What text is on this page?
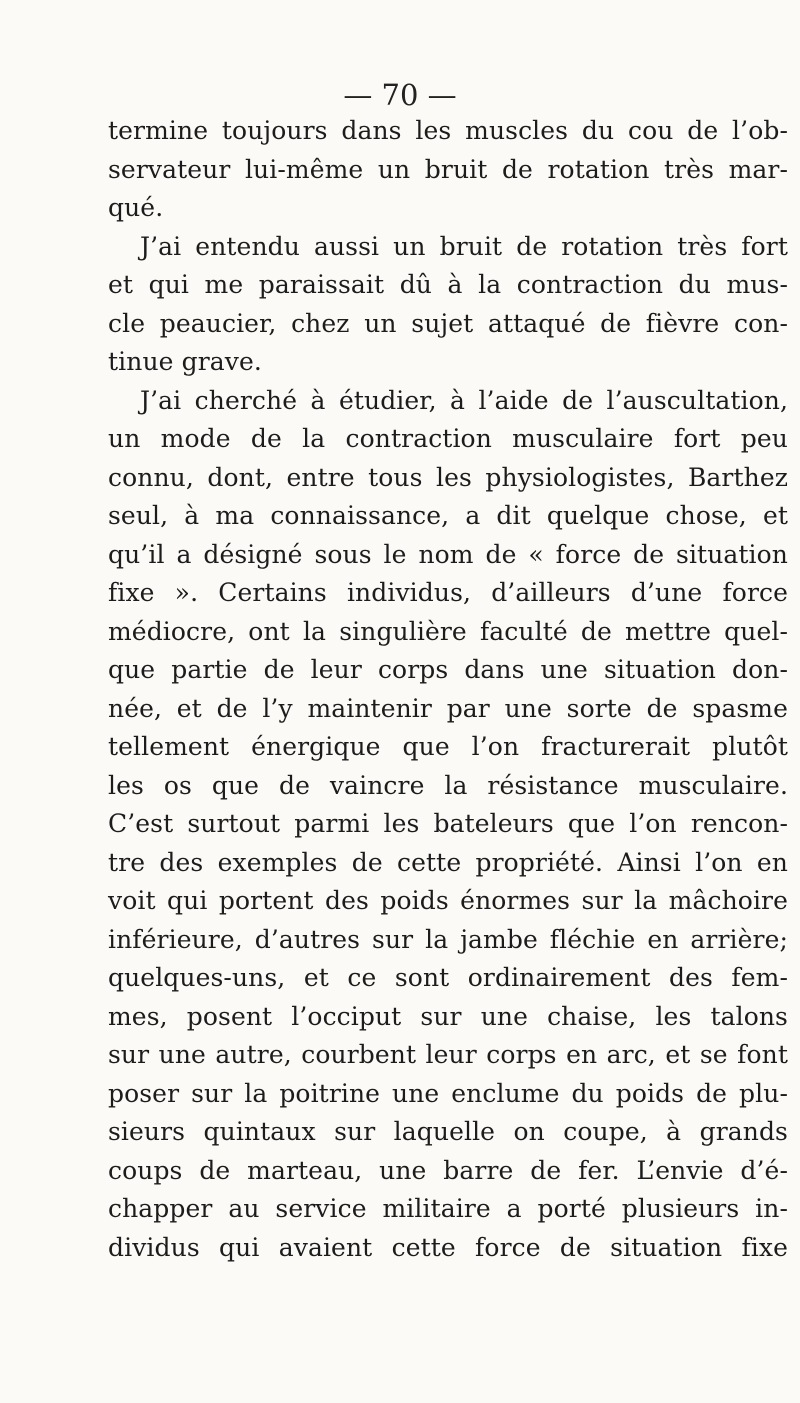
— 70 —
termine toujours dans les muscles du cou de l’ob-
servateur lui-même un bruit de rotation très mar-
qué.
J’ai entendu aussi un bruit de rotation très fort
et qui me paraissait dû à la contraction du mus-
cle peaucier, chez un sujet attaqué de fièvre con-
tinue grave.
J’ai cherché à étudier, à l’aide de l’auscultation,
un mode de la contraction musculaire fort peu
connu, dont, entre tous les physiologistes, Barthez
seul, à ma connaissance, a dit quelque chose, et
qu’il a désigné sous le nom de « force de situation
fixe ». Certains individus, d’ailleurs d’une force
médiocre, ont la singulière faculté de mettre quel-
que partie de leur corps dans une situation don-
née, et de l’y maintenir par une sorte de spasme
tellement énergique que l’on fracturerait plutôt
les os que de vaincre la résistance musculaire.
C’est surtout parmi les bateleurs que l’on rencon-
tre des exemples de cette propriété. Ainsi l’on en
voit qui portent des poids énormes sur la mâchoire
inférieure, d’autres sur la jambe fléchie en arrière;
quelques-uns, et ce sont ordinairement des fem-
mes, posent l’occiput sur une chaise, les talons
sur une autre, courbent leur corps en arc, et se font
poser sur la poitrine une enclume du poids de plu-
sieurs quintaux sur laquelle on coupe, à grands
coups de marteau, une barre de fer. L’envie d’é-
chapper au service militaire a porté plusieurs in-
dividus qui avaient cette force de situation fixe
